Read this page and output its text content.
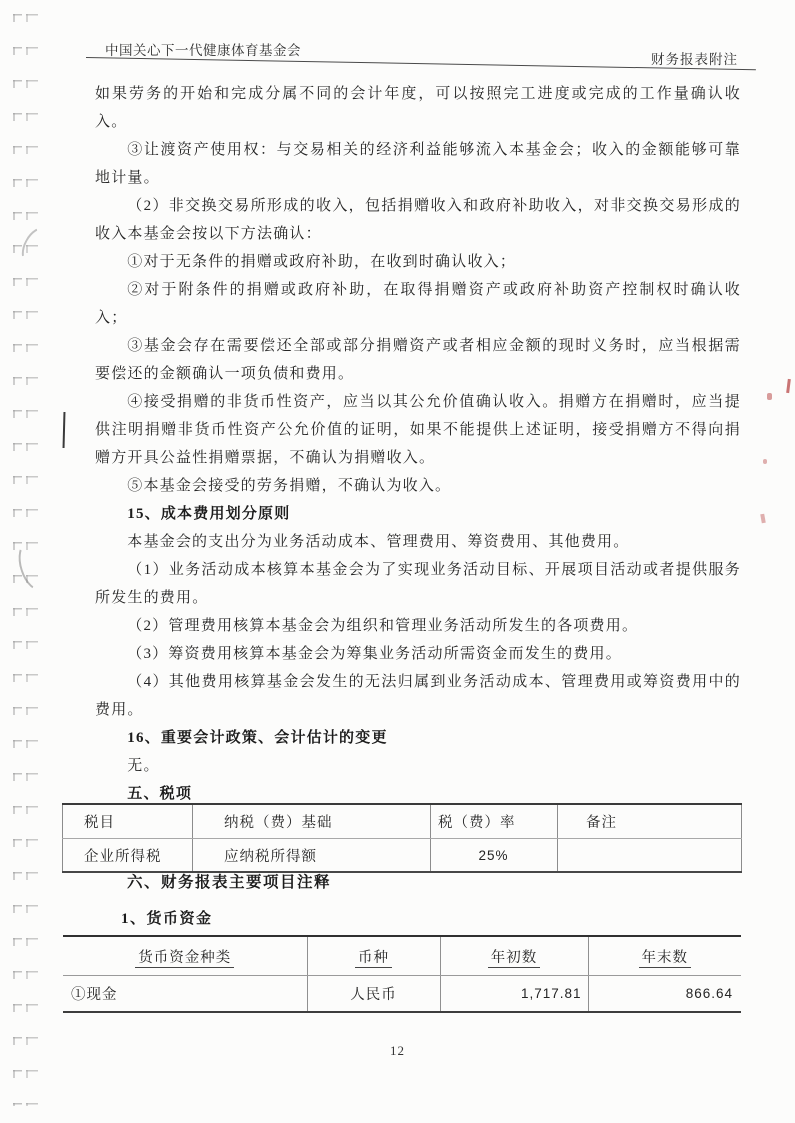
中国关心下一代健康体育基金会
财务报表附注

如果劳务的开始和完成分属不同的会计年度，可以按照完工进度或完成的工作量确认收入。

③让渡资产使用权：与交易相关的经济利益能够流入本基金会；收入的金额能够可靠地计量。

（2）非交换交易所形成的收入，包括捐赠收入和政府补助收入，对非交换交易形成的收入本基金会按以下方法确认：

①对于无条件的捐赠或政府补助，在收到时确认收入；

②对于附条件的捐赠或政府补助，在取得捐赠资产或政府补助资产控制权时确认收入；

③基金会存在需要偿还全部或部分捐赠资产或者相应金额的现时义务时，应当根据需要偿还的金额确认一项负债和费用。

④接受捐赠的非货币性资产，应当以其公允价值确认收入。捐赠方在捐赠时，应当提供注明捐赠非货币性资产公允价值的证明，如果不能提供上述证明，接受捐赠方不得向捐赠方开具公益性捐赠票据，不确认为捐赠收入。

⑤本基金会接受的劳务捐赠，不确认为收入。

15、成本费用划分原则

本基金会的支出分为业务活动成本、管理费用、筹资费用、其他费用。

（1）业务活动成本核算本基金会为了实现业务活动目标、开展项目活动或者提供服务所发生的费用。

（2）管理费用核算本基金会为组织和管理业务活动所发生的各项费用。

（3）筹资费用核算本基金会为筹集业务活动所需资金而发生的费用。

（4）其他费用核算基金会发生的无法归属到业务活动成本、管理费用或筹资费用中的费用。

16、重要会计政策、会计估计的变更

无。

五、税项

税目	纳税（费）基础	税（费）率	备注
企业所得税	应纳税所得额	25%	
六、财务报表主要项目注释
1、货币资金
货币资金种类	币种	年初数	年末数
①现金	人民币	1,717.81	866.64
12
